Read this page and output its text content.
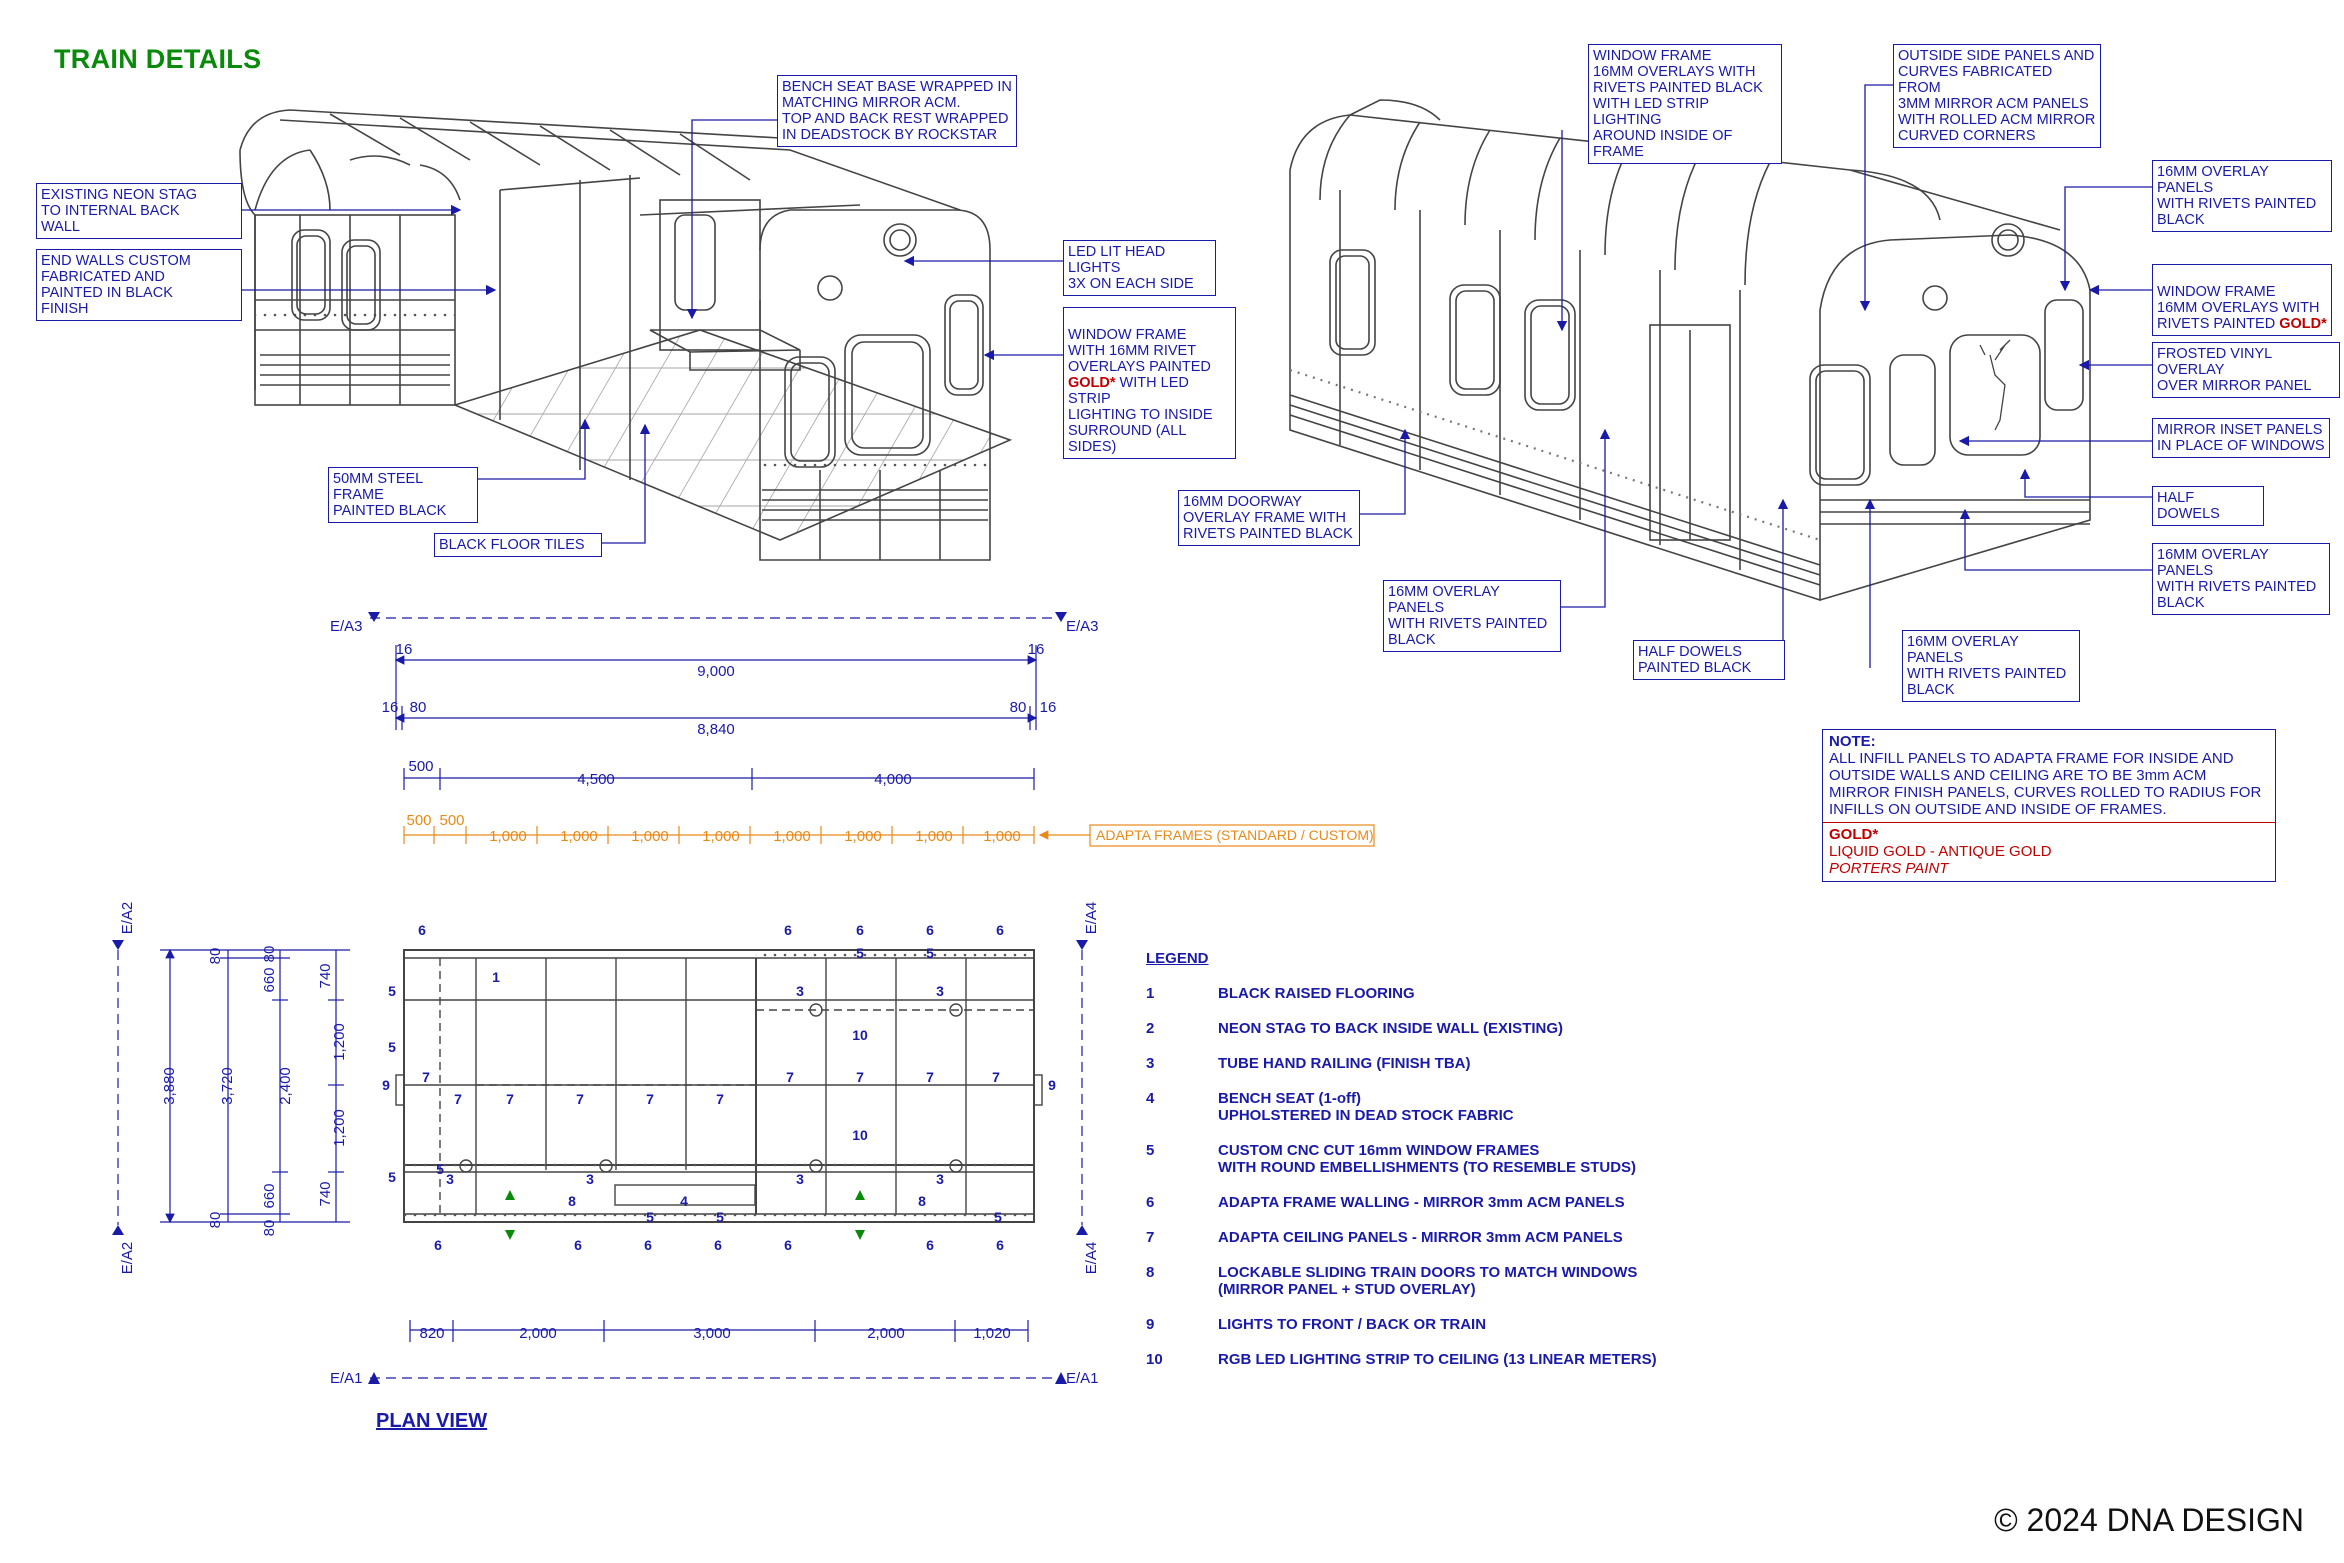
TRAIN DETAILS
E/A3	E/A3
E/A1	E/A1
E/A2
E/A2
E/A4
E/A4
16
9,000
16
16 80
8,840
80 16
500
4,500	4,000
500 500
1,000 1,000 1,000 1,000 1,000 1,000 1,000 1,000	ADAPTA FRAMES (STANDARD / CUSTOM)
820	2,000	3,000	2,000	1,020
3,880
80
3,720
80
80
660
2,400
660
80
740
1,200
1,200
740
6	6	6	6	6
6	6	6	6	6	6	6
5
5
5
1
9	9
7	7	7	7	7
7	7	7	7	7
3	3
3	3	3	3
10
10
8	8
4
5	5
5	5	5
5
EXISTING NEON STAG
TO INTERNAL BACK
WALL
END WALLS CUSTOM
FABRICATED AND
PAINTED IN BLACK
FINISH
BENCH SEAT BASE WRAPPED IN
MATCHING MIRROR ACM.
TOP AND BACK REST WRAPPED
IN DEADSTOCK BY ROCKSTAR
LED LIT HEAD LIGHTS
3X ON EACH SIDE

WINDOW FRAME
WITH 16MM RIVET
OVERLAYS PAINTED
GOLD* WITH LED STRIP
LIGHTING TO INSIDE
SURROUND (ALL SIDES)

50MM STEEL FRAME
PAINTED BLACK
BLACK FLOOR TILES
WINDOW FRAME
16MM OVERLAYS WITH
RIVETS PAINTED BLACK
WITH LED STRIP LIGHTING
AROUND INSIDE OF FRAME
OUTSIDE SIDE PANELS AND
CURVES FABRICATED FROM
3MM MIRROR ACM PANELS
WITH ROLLED ACM MIRROR
CURVED CORNERS
16MM OVERLAY PANELS
WITH RIVETS PAINTED
BLACK

WINDOW FRAME
16MM OVERLAYS WITH
RIVETS PAINTED GOLD*

FROSTED VINYL OVERLAY
OVER MIRROR PANEL
MIRROR INSET PANELS
IN PLACE OF WINDOWS
HALF DOWELS
16MM OVERLAY PANELS
WITH RIVETS PAINTED
BLACK
16MM DOORWAY
OVERLAY FRAME WITH
RIVETS PAINTED BLACK
16MM OVERLAY PANELS
WITH RIVETS PAINTED
BLACK
HALF DOWELS
PAINTED BLACK
16MM OVERLAY PANELS
WITH RIVETS PAINTED
BLACK
NOTE:
ALL INFILL PANELS TO ADAPTA FRAME FOR INSIDE AND OUTSIDE WALLS AND CEILING ARE TO BE 3mm ACM MIRROR FINISH PANELS, CURVES ROLLED TO RADIUS FOR INFILLS ON OUTSIDE AND INSIDE OF FRAMES.
GOLD*
LIQUID GOLD - ANTIQUE GOLD
PORTERS PAINT
LEGEND
1	BLACK RAISED FLOORING
2	NEON STAG TO BACK INSIDE WALL (EXISTING)
3	TUBE HAND RAILING (FINISH TBA)
4	BENCH SEAT (1-off)
UPHOLSTERED IN DEAD STOCK FABRIC
5	CUSTOM CNC CUT 16mm WINDOW FRAMES
WITH ROUND EMBELLISHMENTS (TO RESEMBLE STUDS)
6	ADAPTA FRAME WALLING - MIRROR 3mm ACM PANELS
7	ADAPTA CEILING PANELS - MIRROR 3mm ACM PANELS
8	LOCKABLE SLIDING TRAIN DOORS TO MATCH WINDOWS
(MIRROR PANEL + STUD OVERLAY)
9	LIGHTS TO FRONT / BACK OR TRAIN
10	RGB LED LIGHTING STRIP TO CEILING (13 LINEAR METERS)
PLAN VIEW
© 2024 DNA DESIGN
